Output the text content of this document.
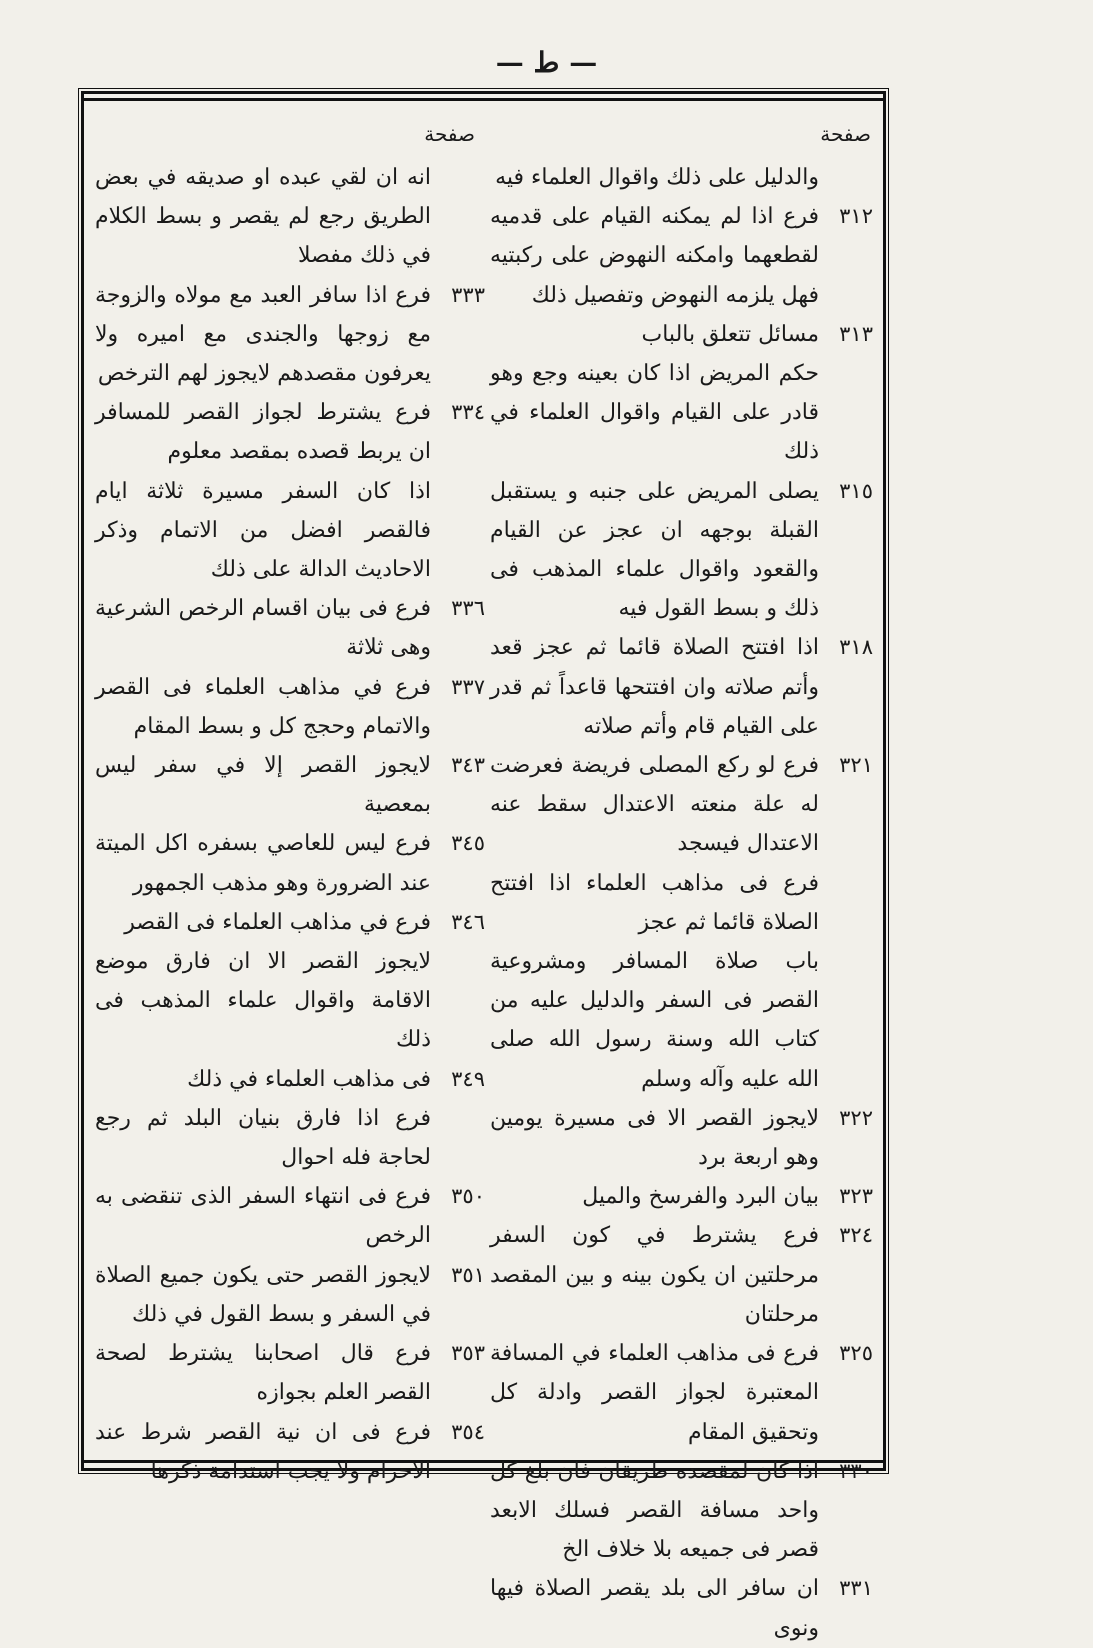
— ط —
صفحة
والدليل على ذلك واقوال العلماء فيه
٣١٢
فرع اذا لم يمكنه القيام على قدميه لقطعهما وامكنه النهوض على ركبتيه فهل يلزمه النهوض وتفصيل ذلك
٣١٣
مسائل تتعلق بالباب
حكم المريض اذا كان بعينه وجع وهو قادر على القيام واقوال العلماء في ذلك
٣١٥
يصلى المريض على جنبه و يستقبل القبلة بوجهه ان عجز عن القيام والقعود واقوال علماء المذهب فى ذلك و بسط القول فيه
٣١٨
اذا افتتح الصلاة قائما ثم عجز قعد وأتم صلاته وان افتتحها قاعداً ثم قدر على القيام قام وأتم صلاته
٣٢١
فرع لو ركع المصلى فريضة فعرضت له علة منعته الاعتدال سقط عنه الاعتدال فيسجد
فرع فى مذاهب العلماء اذا افتتح الصلاة قائما ثم عجز
باب صلاة المسافر ومشروعية القصر فى السفر والدليل عليه من كتاب الله وسنة رسول الله صلى الله عليه وآله وسلم
٣٢٢
لايجوز القصر الا فى مسيرة يومين وهو اربعة برد
٣٢٣
بيان البرد والفرسخ والميل
٣٢٤
فرع يشترط في كون السفر مرحلتين ان يكون بينه و بين المقصد مرحلتان
٣٢٥
فرع فى مذاهب العلماء في المسافة المعتبرة لجواز القصر وادلة كل وتحقيق المقام
٣٣٠
اذا كان لمقصده طريقان فان بلغ كل واحد مسافة القصر فسلك الابعد قصر فى جميعه بلا خلاف الخ
٣٣١
ان سافر الى بلد يقصر الصلاة فيها ونوى
صفحة
انه ان لقي عبده او صديقه في بعض الطريق رجع لم يقصر و بسط الكلام في ذلك مفصلا
٣٣٣
فرع اذا سافر العبد مع مولاه والزوجة مع زوجها والجندى مع اميره ولا يعرفون مقصدهم لايجوز لهم الترخص
٣٣٤
فرع يشترط لجواز القصر للمسافر ان يربط قصده بمقصد معلوم
اذا كان السفر مسيرة ثلاثة ايام فالقصر افضل من الاتمام وذكر الاحاديث الدالة على ذلك
٣٣٦
فرع فى بيان اقسام الرخص الشرعية وهى ثلاثة
٣٣٧
فرع في مذاهب العلماء فى القصر والاتمام وحجج كل و بسط المقام
٣٤٣
لايجوز القصر إلا في سفر ليس بمعصية
٣٤٥
فرع ليس للعاصي بسفره اكل الميتة عند الضرورة وهو مذهب الجمهور
٣٤٦
فرع في مذاهب العلماء فى القصر
لايجوز القصر الا ان فارق موضع الاقامة واقوال علماء المذهب فى ذلك
٣٤٩
فى مذاهب العلماء في ذلك
فرع اذا فارق بنيان البلد ثم رجع لحاجة فله احوال
٣٥٠
فرع فى انتهاء السفر الذى تنقضى به الرخص
٣٥١
لايجوز القصر حتى يكون جميع الصلاة في السفر و بسط القول في ذلك
٣٥٣
فرع قال اصحابنا يشترط لصحة القصر العلم بجوازه
٣٥٤
فرع فى ان نية القصر شرط عند الاحرام ولا يجب استدامة ذكرها
